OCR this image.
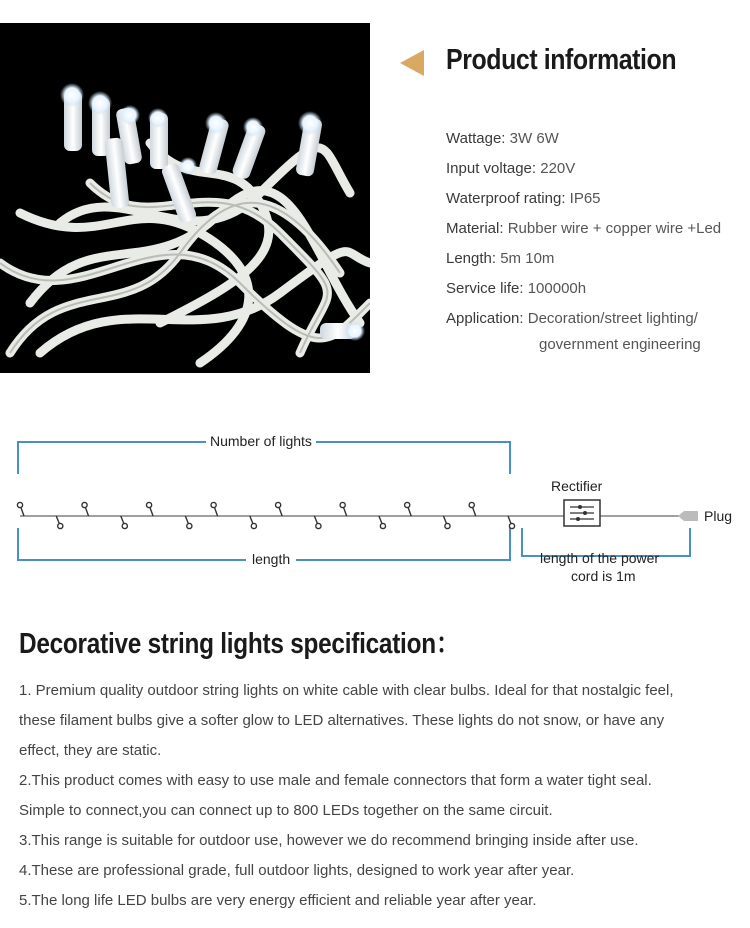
Product information
Wattage: 3W 6W
Input voltage: 220V
Waterproof rating: IP65
Material: Rubber wire + copper wire +Led
Length: 5m 10m
Service life: 100000h
Application: Decoration/street lighting/
government engineering
Number of lights
length
Rectifier
Plug
length of the power
cord is 1m
Decorative string lights specification：
1. Premium quality outdoor string lights on white cable with clear bulbs. Ideal for that nostalgic feel,
these filament bulbs give a softer glow to LED alternatives. These lights do not snow, or have any
effect, they are static.
2.This product comes with easy to use male and female connectors that form a water tight seal.
Simple to connect,you can connect up to 800 LEDs together on the same circuit.
3.This range is suitable for outdoor use, however we do recommend bringing inside after use.
4.These are professional grade, full outdoor lights, designed to work year after year.
5.The long life LED bulbs are very energy efficient and reliable year after year.
